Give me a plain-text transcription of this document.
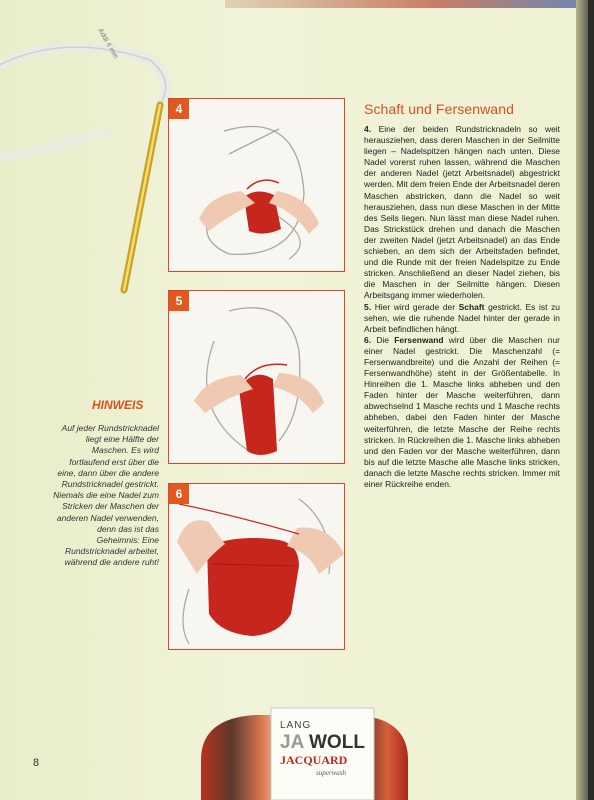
Addi 4 mm
4
5
6
Schaft und Fersenwand

4. Eine der beiden Rundstricknadeln so weit herausziehen, dass deren Maschen in der Seilmitte liegen – Nadelspitzen hängen nach unten. Diese Nadel vorerst ruhen lassen, während die Maschen der anderen Nadel (jetzt Arbeitsnadel) abgestrickt werden. Mit dem freien Ende der Arbeitsnadel deren Maschen abstricken, dann die Nadel so weit herausziehen, dass nun diese Maschen in der Mitte des Seils liegen. Nun lässt man diese Nadel ruhen. Das Strickstück drehen und danach die Maschen der zweiten Nadel (jetzt Arbeitsnadel) an das Ende schieben, an dem sich der Arbeitsfaden befindet, und die Runde mit der freien Nadelspitze zu Ende stricken. Anschließend an dieser Nadel ziehen, bis die Maschen in der Seilmitte hängen. Diesen Arbeitsgang immer wiederholen.

5. Hier wird gerade der Schaft gestrickt. Es ist zu sehen, wie die ruhende Nadel hinter der gerade in Arbeit befindlichen hängt.

6. Die Fersenwand wird über die Maschen nur einer Nadel gestrickt. Die Maschenzahl (= Fersenwandbreite) und die Anzahl der Reihen (= Fersenwandhöhe) steht in der Größentabelle. In Hinreihen die 1. Masche links abheben und den Faden hinter der Masche weiterführen, dann abwechselnd 1 Masche rechts und 1 Masche rechts abheben, dabei den Faden hinter der Masche weiterführen, die letzte Masche der Reihe rechts stricken. In Rückreihen die 1. Masche links abheben und den Faden vor der Masche weiterführen, dann bis auf die letzte Masche alle Masche links stricken, danach die letzte Masche rechts stricken. Immer mit einer Rückreihe enden.

HINWEIS
Auf jeder Rundstricknadel liegt eine Hälfte der Maschen. Es wird fortlaufend erst über die eine, dann über die andere Rundstricknadel gestrickt. Niemals die eine Nadel zum Stricken der Maschen der anderen Nadel verwenden, denn das ist das Geheimnis: Eine Rundstricknadel arbeitet, während die andere ruht!
LANG
JA WOLL
JACQUARD
superwash
8
